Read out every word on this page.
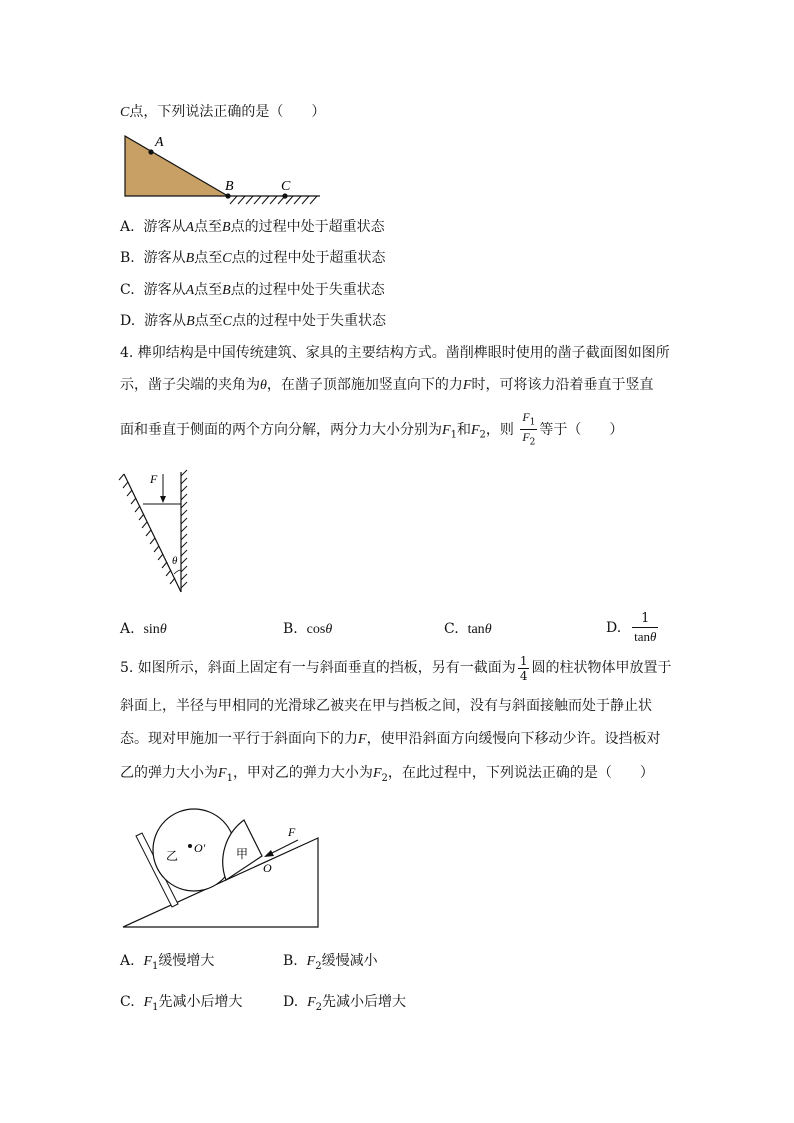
C点，下列说法正确的是（　　）
A
B	C
A. 游客从A点至B点的过程中处于超重状态
B. 游客从B点至C点的过程中处于超重状态
C. 游客从A点至B点的过程中处于失重状态
D. 游客从B点至C点的过程中处于失重状态
4. 榫卯结构是中国传统建筑、家具的主要结构方式。凿削榫眼时使用的凿子截面图如图所
示，凿子尖端的夹角为θ，在凿子顶部施加竖直向下的力F时，可将该力沿着垂直于竖直
面和垂直于侧面的两个方向分解，两分力大小分别为$F_1$和$F_2$，则 $\frac{F_1}{F_2}$ 等于（　　）
F
θ
A. sinθ	B. cosθ	C. tanθ	D. $\frac{1}{\tan\theta}$
5. 如图所示，斜面上固定有一与斜面垂直的挡板，另有一截面为 $\frac{1}{4}$ 圆的柱状物体甲放置于
斜面上，半径与甲相同的光滑球乙被夹在甲与挡板之间，没有与斜面接触而处于静止状
态。现对甲施加一平行于斜面向下的力F，使甲沿斜面方向缓慢向下移动少许。设挡板对
乙的弹力大小为$F_1$，甲对乙的弹力大小为$F_2$，在此过程中，下列说法正确的是（　　）
乙
O′	甲
F
O
A. $F_1$缓慢增大	B. $F_2$缓慢减小
C. $F_1$先减小后增大	D. $F_2$先减小后增大
